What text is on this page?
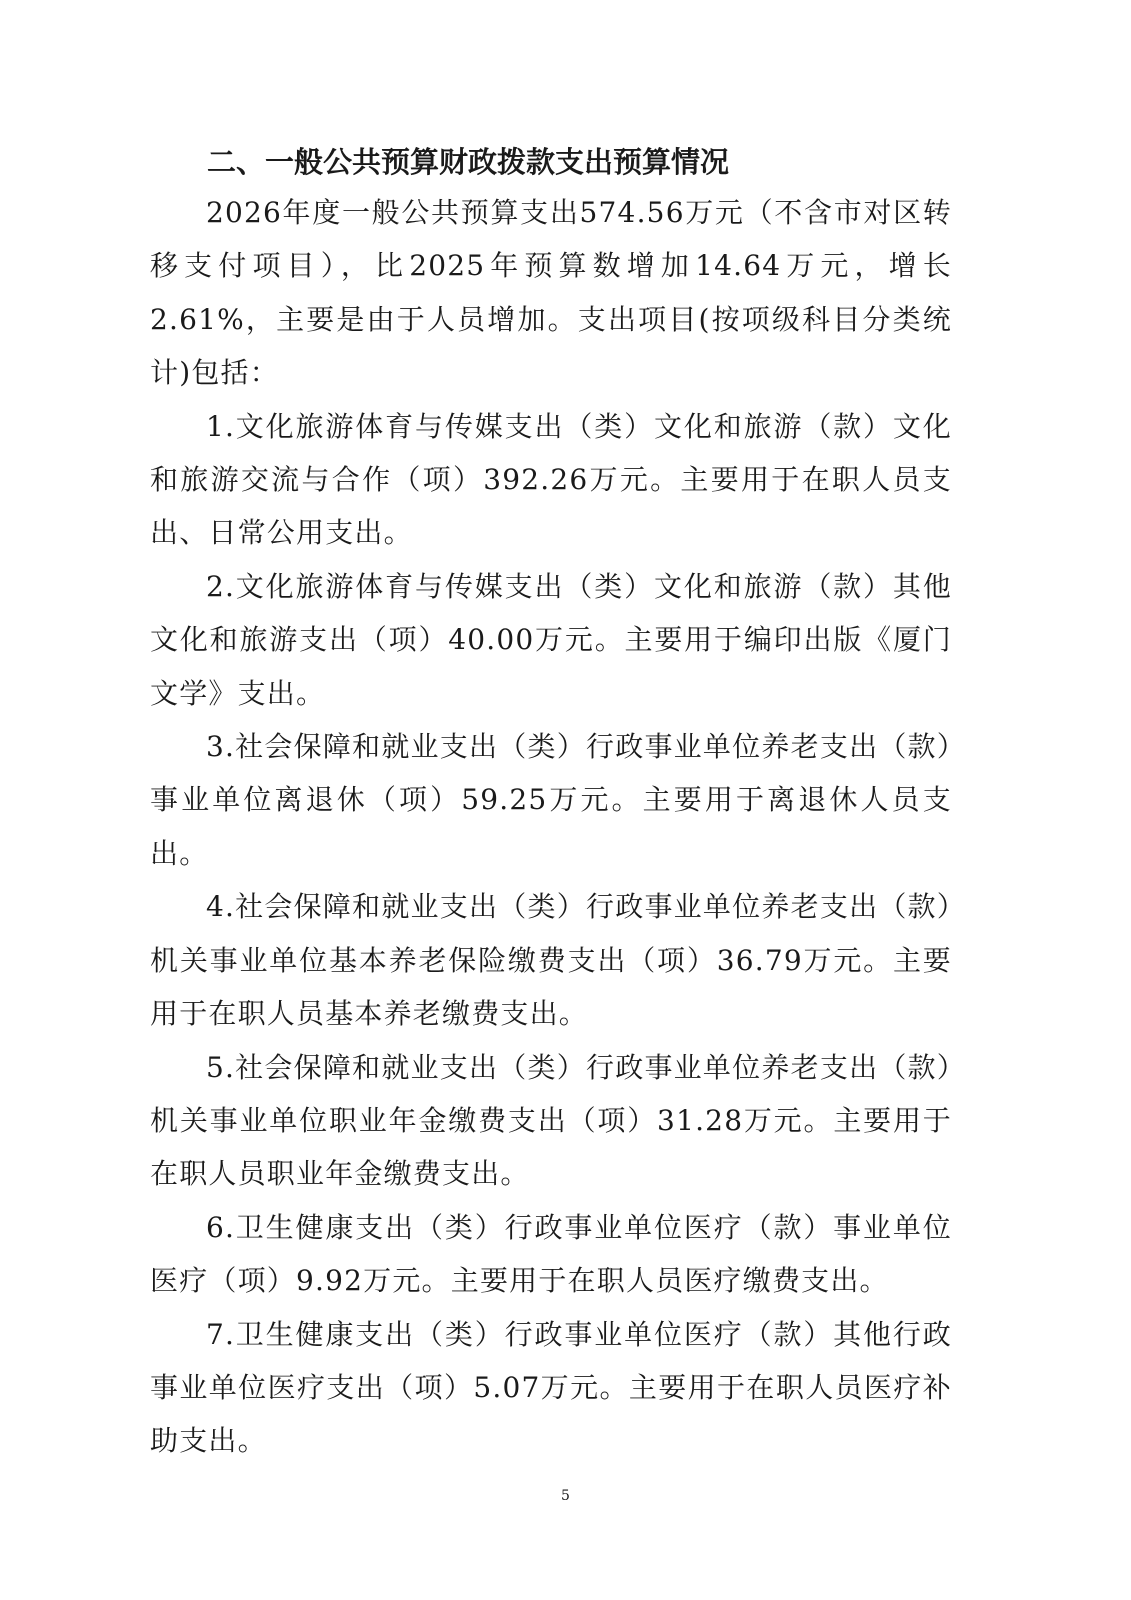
二、一般公共预算财政拨款支出预算情况

2026年度一般公共预算支出574.56万元（不含市对区转移支付项目），比2025年预算数增加14.64万元，增长2.61%，主要是由于人员增加。支出项目(按项级科目分类统计)包括：

1.文化旅游体育与传媒支出（类）文化和旅游（款）文化和旅游交流与合作（项）392.26万元。主要用于在职人员支出、日常公用支出。

2.文化旅游体育与传媒支出（类）文化和旅游（款）其他文化和旅游支出（项）40.00万元。主要用于编印出版《厦门文学》支出。

3.社会保障和就业支出（类）行政事业单位养老支出（款）事业单位离退休（项）59.25万元。主要用于离退休人员支出。

4.社会保障和就业支出（类）行政事业单位养老支出（款）机关事业单位基本养老保险缴费支出（项）36.79万元。主要用于在职人员基本养老缴费支出。

5.社会保障和就业支出（类）行政事业单位养老支出（款）机关事业单位职业年金缴费支出（项）31.28万元。主要用于在职人员职业年金缴费支出。

6.卫生健康支出（类）行政事业单位医疗（款）事业单位医疗（项）9.92万元。主要用于在职人员医疗缴费支出。

7.卫生健康支出（类）行政事业单位医疗（款）其他行政事业单位医疗支出（项）5.07万元。主要用于在职人员医疗补助支出。

5
